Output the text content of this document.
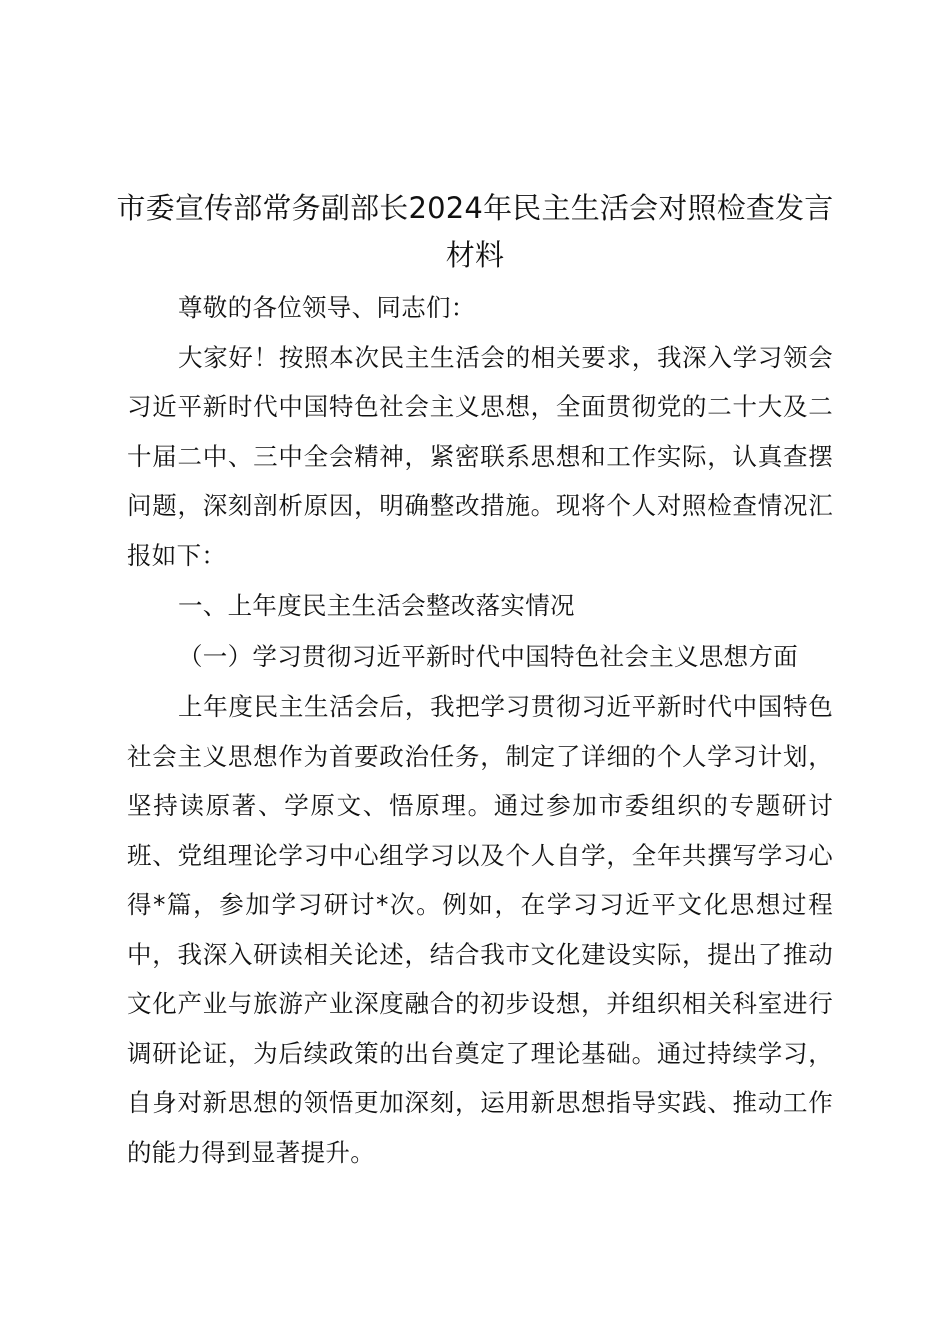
市委宣传部常务副部长2024年民主生活会对照检查发言材料

尊敬的各位领导、同志们：

大家好！按照本次民主生活会的相关要求，我深入学习领会习近平新时代中国特色社会主义思想，全面贯彻党的二十大及二十届二中、三中全会精神，紧密联系思想和工作实际，认真查摆问题，深刻剖析原因，明确整改措施。现将个人对照检查情况汇报如下：

一、上年度民主生活会整改落实情况

（一）学习贯彻习近平新时代中国特色社会主义思想方面

上年度民主生活会后，我把学习贯彻习近平新时代中国特色社会主义思想作为首要政治任务，制定了详细的个人学习计划，坚持读原著、学原文、悟原理。通过参加市委组织的专题研讨班、党组理论学习中心组学习以及个人自学，全年共撰写学习心得*篇，参加学习研讨*次。例如，在学习习近平文化思想过程中，我深入研读相关论述，结合我市文化建设实际，提出了推动文化产业与旅游产业深度融合的初步设想，并组织相关科室进行调研论证，为后续政策的出台奠定了理论基础。通过持续学习，自身对新思想的领悟更加深刻，运用新思想指导实践、推动工作的能力得到显著提升。
